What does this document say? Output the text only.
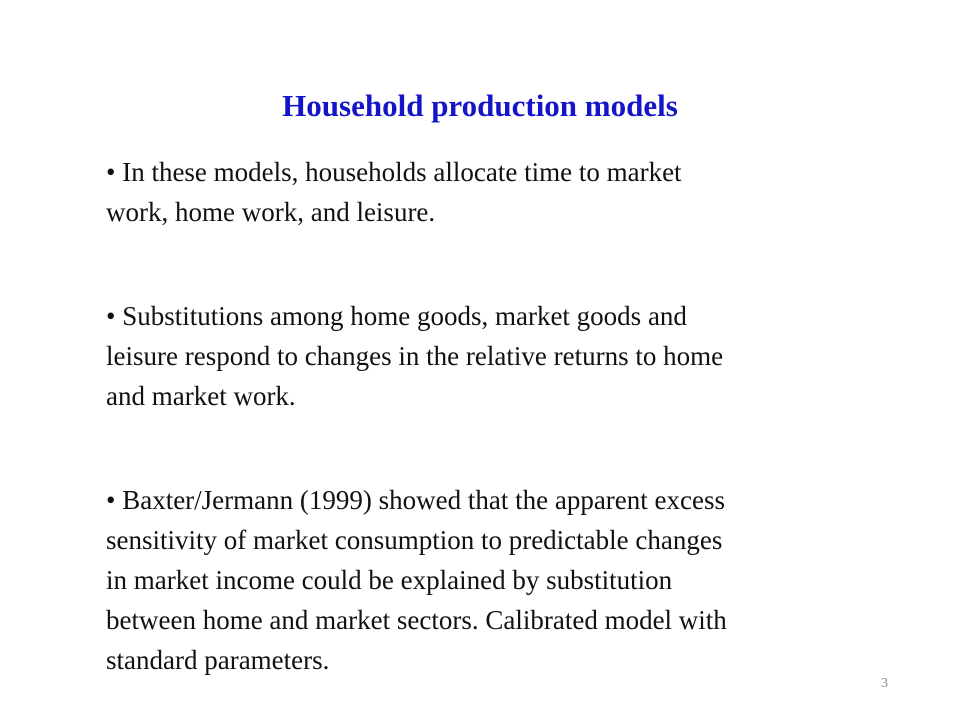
Household production models
• In these models, households allocate time to market
work, home work, and leisure.
• Substitutions among home goods, market goods and
leisure respond to changes in the relative returns to home
and market work.
• Baxter/Jermann (1999) showed that the apparent excess
sensitivity of market consumption to predictable changes
in market income could be explained by substitution
between home and market sectors. Calibrated model with
standard parameters.
3
